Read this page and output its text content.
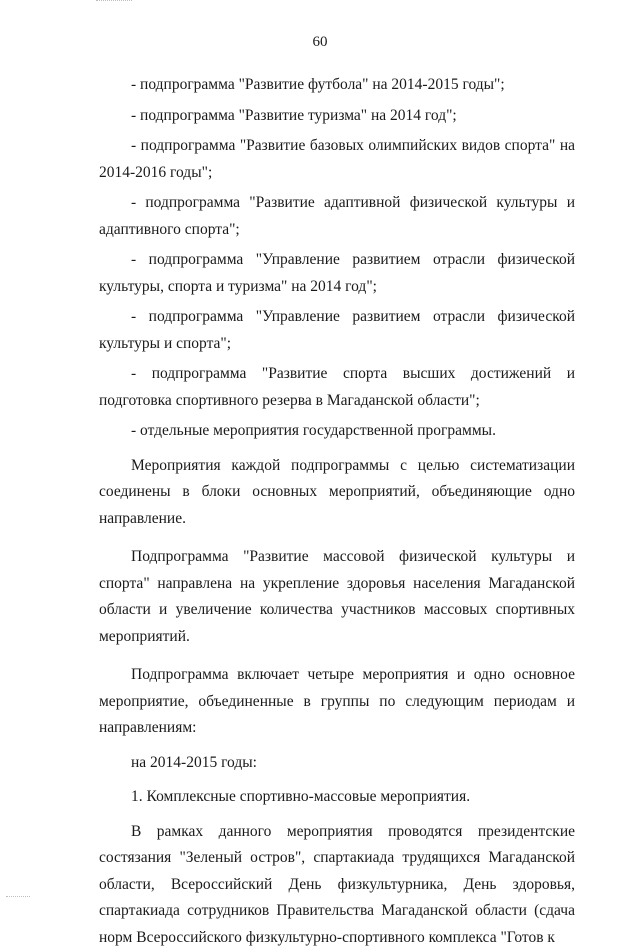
60

- подпрограмма "Развитие футбола" на 2014-2015 годы";

- подпрограмма "Развитие туризма" на 2014 год";

- подпрограмма "Развитие базовых олимпийских видов спорта" на 2014-2016 годы";

- подпрограмма "Развитие адаптивной физической культуры и адаптивного спорта";

- подпрограмма "Управление развитием отрасли физической культуры, спорта и туризма" на 2014 год";

- подпрограмма "Управление развитием отрасли физической культуры и спорта";

- подпрограмма "Развитие спорта высших достижений и подготовка спортивного резерва в Магаданской области";

- отдельные мероприятия государственной программы.

Мероприятия каждой подпрограммы с целью систематизации соединены в блоки основных мероприятий, объединяющие одно направление.

Подпрограмма "Развитие массовой физической культуры и спорта" направлена на укрепление здоровья населения Магаданской области и увеличение количества участников массовых спортивных мероприятий.

Подпрограмма включает четыре мероприятия и одно основное мероприятие, объединенные в группы по следующим периодам и направлениям:

на 2014-2015 годы:

1. Комплексные спортивно-массовые мероприятия.

В рамках данного мероприятия проводятся президентские состязания "Зеленый остров", спартакиада трудящихся Магаданской области, Всероссийский День физкультурника, День здоровья, спартакиада сотрудников Правительства Магаданской области (сдача норм Всероссийского физкультурно-спортивного комплекса "Готов к
